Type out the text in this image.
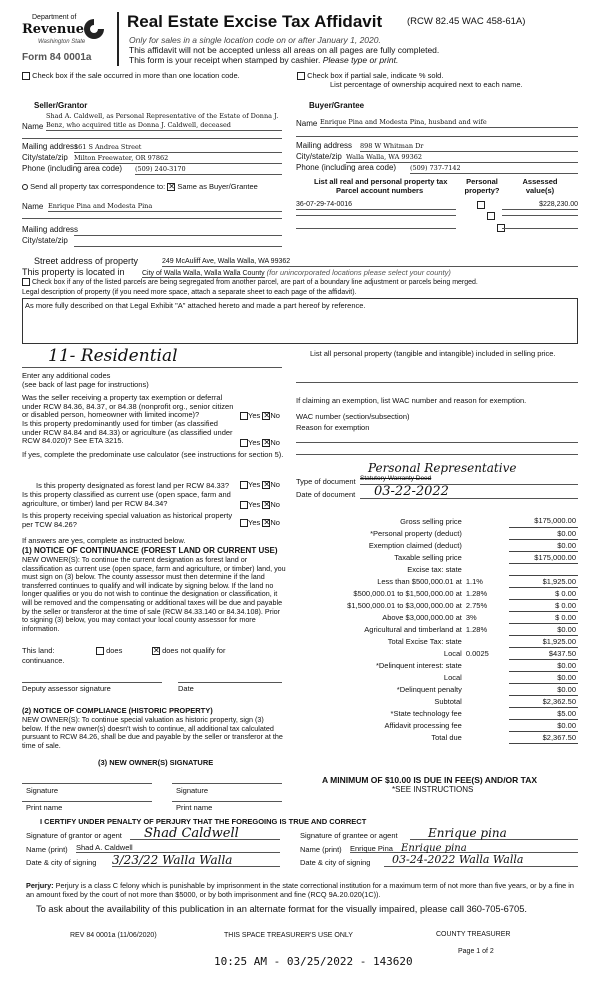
Department of
Revenue
Washington State
Form 84 0001a
Real Estate Excise Tax Affidavit	(RCW 82.45 WAC 458-61A)
Only for sales in a single location code on or after January 1, 2020.
This affidavit will not be accepted unless all areas on all pages are fully completed.
This form is your receipt when stamped by cashier. Please type or print.
Check box if the sale occurred in more than one location code.	Check box if partial sale, indicate % sold.
List percentage of ownership acquired next to each name.
Seller/Grantor
Name
Shad A. Caldwell, as Personal Representative of the Estate of Donna J.
Benz, who acquired title as Donna J. Caldwell, deceased
Mailing address
161 S Andrea Street
City/state/zip Milton Freewater, OR 97862
Phone (including area code) (509) 240-3170
Buyer/Grantee
Name Enrique Pina and Modesta Pina, husband and wife
Mailing address 898 W Whitman Dr
City/state/zip Walla Walla, WA 99362
Phone (including area code) (509) 737-7142
Send all property tax correspondence to: ✕ Same as Buyer/Grantee
Name Enrique Pina and Modesta Pina
Mailing address
City/state/zip
List all real and personal property tax
Parcel account numbers
Personal
property?
Assessed
value(s)
36-07-29-74-0016
	$228,230.00

Street address of property	249 McAuliff Ave, Walla Walla, WA 99362
This property is located in City of Walla Walla, Walla Walla County (for unincorporated locations please select your county)
Check box if any of the listed parcels are being segregated from another parcel, are part of a boundary line adjustment or parcels being merged.
Legal description of property (if you need more space, attach a separate sheet to each page of the affidavit).
As more fully described on that Legal Exhibit "A" attached hereto and made a part hereof by reference.
11- Residential
Enter any additional codes
(see back of last page for instructions)
Was the seller receiving a property tax exemption or deferral under RCW 84.36, 84.37, or 84.38 (nonprofit org., senior citizen or disabled person, homeowner with limited income)?	Yes ✕ No
Is this property predominantly used for timber (as classified under RCW 84.84 and 84.33) or agriculture (as classified under RCW 84.020)? See ETA 3215.	Yes ✕ No
If yes, complete the predominate use calculator (see instructions for section 5).
Is this property designated as forest land per RCW 84.33?	Yes ✕ No
Is this property classified as current use (open space, farm and agriculture, or timber) land per RCW 84.34?	Yes ✕ No
Is this property receiving special valuation as historical property per TCW 84.26?	Yes ✕ No
If answers are yes, complete as instructed below.
(1) NOTICE OF CONTINUANCE (FOREST LAND OR CURRENT USE)
NEW OWNER(S): To continue the current designation as forest land or classification as current use (open space, farm and agriculture, or timber) land, you must sign on (3) below. The county assessor must then determine if the land transferred continues to qualify and will indicate by signing below. If the land no longer qualifies or you do not wish to continue the designation or classification, it will be removed and the compensating or additional taxes will be due and payable by the seller or transferor at the time of sale (RCW 84.33.140 or 84.34.108). Prior to signing (3) below, you may contact your local county assessor for more information.
This land:	does ✕	does not qualify for
continuance.
Deputy assessor signature	Date
(2) NOTICE OF COMPLIANCE (HISTORIC PROPERTY)
NEW OWNER(S): To continue special valuation as historic property, sign (3) below. If the new owner(s) doesn't wish to continue, all additional tax calculated pursuant to RCW 84.26, shall be due and payable by the seller or transferor at the time of sale.
(3) NEW OWNER(S) SIGNATURE
Signature	Signature
Print name	Print name
List all personal property (tangible and intangible) included in selling price.
If claiming an exemption, list WAC number and reason for exemption.
WAC number (section/subsection)
Reason for exemption
Personal Representative
Type of document Statutory Warranty Deed
Date of document	03-22-2022
Gross selling price		$175,000.00
*Personal property (deduct)		$0.00
Exemption claimed (deduct)		$0.00
Taxable selling price		$175,000.00
Excise tax: state		
Less than $500,000.01 at	1.1%	$1,925.00
$500,000.01 to $1,500,000.00 at	1.28%	$ 0.00
$1,500,000.01 to $3,000,000.00 at	2.75%	$ 0.00
Above $3,000,000.00 at	3%	$ 0.00
Agricultural and timberland at	1.28%	$0.00
Total Excise Tax: state		$1,925.00
Local	0.0025	$437.50
*Delinquent interest: state		$0.00
Local		$0.00
*Delinquent penalty		$0.00
Subtotal		$2,362.50
*State technology fee		$5.00
Affidavit processing fee		$0.00
Total due		$2,367.50
A MINIMUM OF $10.00 IS DUE IN FEE(S) AND/OR TAX
*SEE INSTRUCTIONS
I CERTIFY UNDER PENALTY OF PERJURY THAT THE FOREGOING IS TRUE AND CORRECT
Signature of grantor or agent	Shad Caldwell
Name (print) Shad A. Caldwell
Date & city of signing 3/23/22 Walla Walla
Signature of grantee or agent	Enrique pina
Name (print) Enrique Pina Enrique pina
Date & city of signing	03-24-2022 Walla Walla
Perjury: Perjury is a class C felony which is punishable by imprisonment in the state correctional institution for a maximum term of not more than five years, or by a fine in an amount fixed by the court of not more than $5000, or by both imprisonment and fine (RCQ 9A.20.020(1C)).
To ask about the availability of this publication in an alternate format for the visually impaired, please call 360-705-6705.
REV 84 0001a (11/06/2020)	THIS SPACE TREASURER'S USE ONLY	COUNTY TREASURER
Page 1 of 2
10:25 AM - 03/25/2022 - 143620
